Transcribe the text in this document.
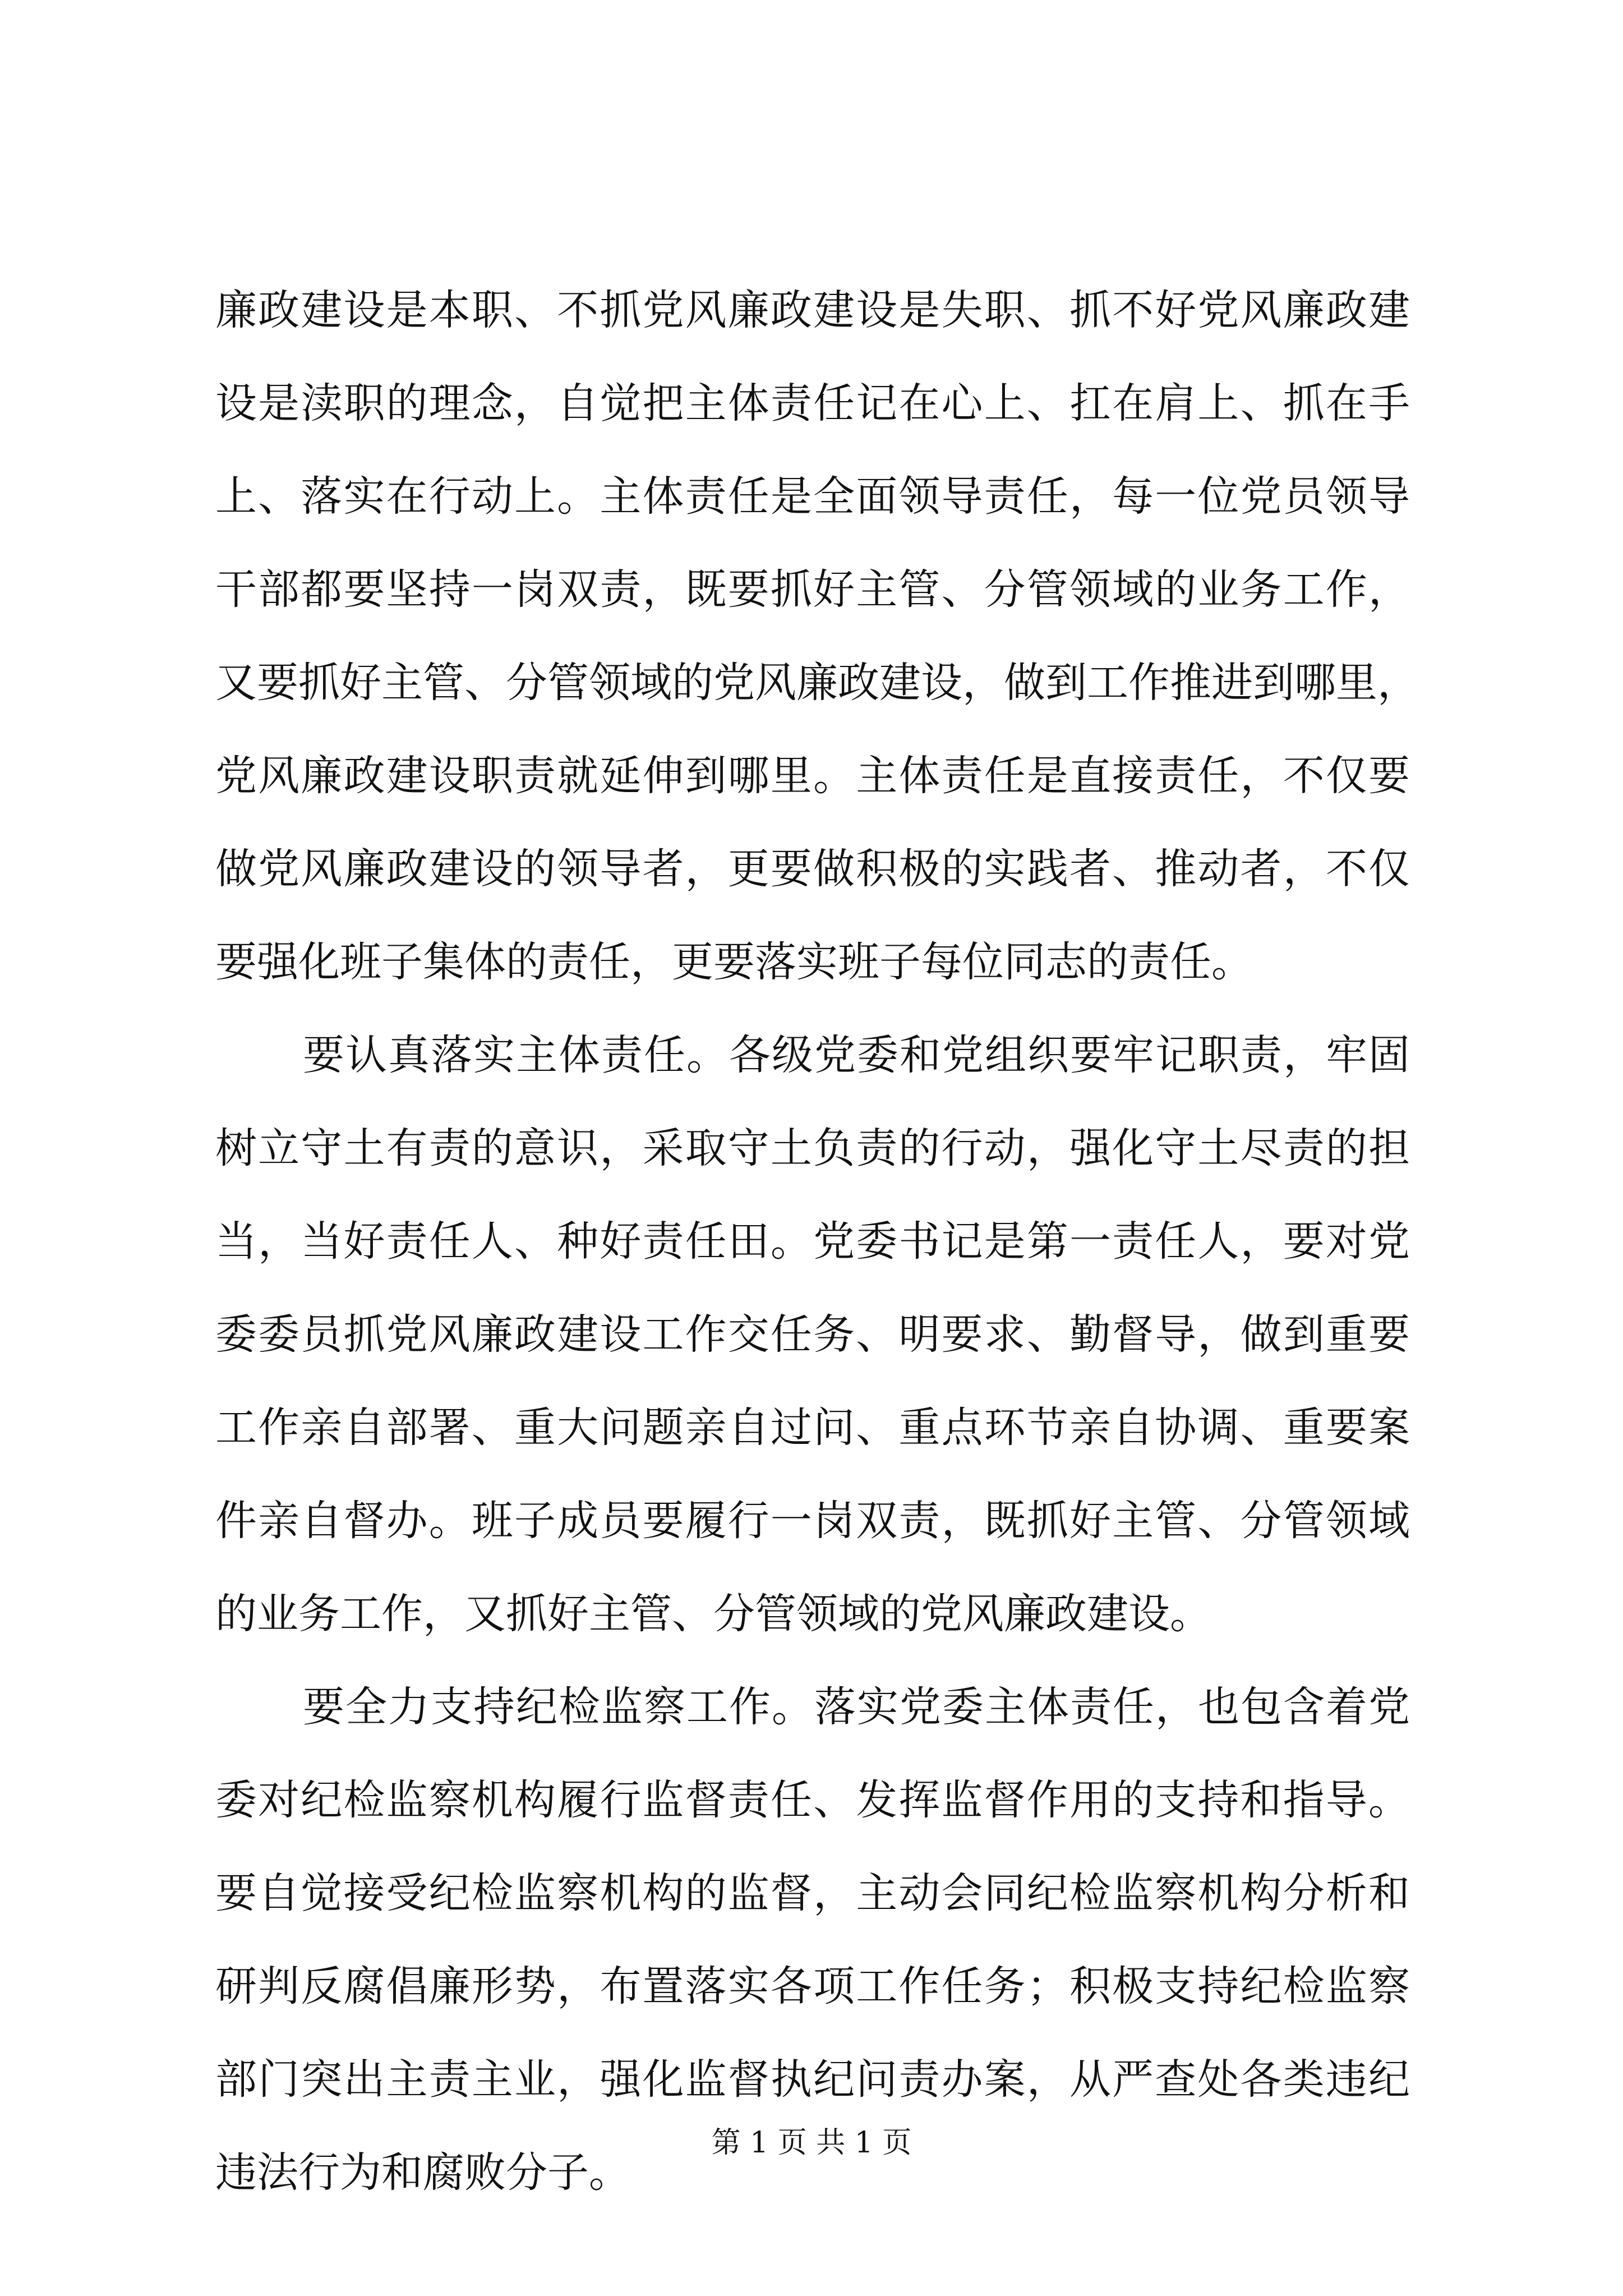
廉政建设是本职、不抓党风廉政建设是失职、抓不好党风廉政建
设是渎职的理念，自觉把主体责任记在心上、扛在肩上、抓在手
上、落实在行动上。主体责任是全面领导责任，每一位党员领导
干部都要坚持一岗双责，既要抓好主管、分管领域的业务工作，
又要抓好主管、分管领域的党风廉政建设，做到工作推进到哪里，
党风廉政建设职责就延伸到哪里。主体责任是直接责任，不仅要
做党风廉政建设的领导者，更要做积极的实践者、推动者，不仅
要强化班子集体的责任，更要落实班子每位同志的责任。
要认真落实主体责任。各级党委和党组织要牢记职责，牢固
树立守土有责的意识，采取守土负责的行动，强化守土尽责的担
当，当好责任人、种好责任田。党委书记是第一责任人，要对党
委委员抓党风廉政建设工作交任务、明要求、勤督导，做到重要
工作亲自部署、重大问题亲自过问、重点环节亲自协调、重要案
件亲自督办。班子成员要履行一岗双责，既抓好主管、分管领域
的业务工作，又抓好主管、分管领域的党风廉政建设。
要全力支持纪检监察工作。落实党委主体责任，也包含着党
委对纪检监察机构履行监督责任、发挥监督作用的支持和指导。
要自觉接受纪检监察机构的监督，主动会同纪检监察机构分析和
研判反腐倡廉形势，布置落实各项工作任务；积极支持纪检监察
部门突出主责主业，强化监督执纪问责办案，从严查处各类违纪
违法行为和腐败分子。
第 1 页 共 1 页
